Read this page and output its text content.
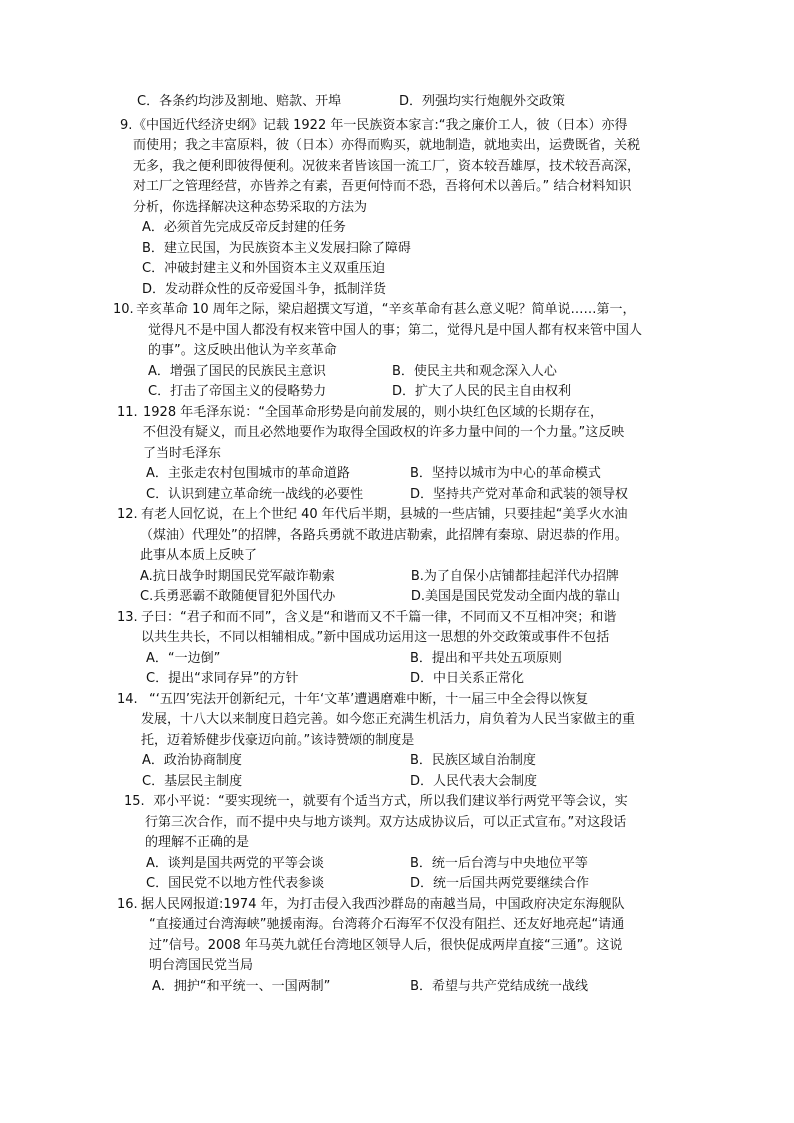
C．各条约均涉及割地、赔款、开埠	D．列强均实行炮舰外交政策
9. 《中国近代经济史纲》记载 1922 年一民族资本家言:“我之廉价工人，彼（日本）亦得
而使用；我之丰富原料，彼（日本）亦得而购买，就地制造，就地卖出，运费既省，关税
无多，我之便利即彼得便利。况彼来者皆该国一流工厂，资本较吾雄厚，技术较吾高深，
对工厂之管理经营，亦皆养之有素，吾更何恃而不恐，吾将何术以善后。” 结合材料知识
分析，你选择解决这种态势采取的方法为
A．必须首先完成反帝反封建的任务
B．建立民国，为民族资本主义发展扫除了障碍
C．冲破封建主义和外国资本主义双重压迫
D．发动群众性的反帝爱国斗争，抵制洋货
10. 辛亥革命 10 周年之际，梁启超撰文写道，“辛亥革命有甚么意义呢？简单说……第一，
觉得凡不是中国人都没有权来管中国人的事；第二，觉得凡是中国人都有权来管中国人
的事”。这反映出他认为辛亥革命
A．增强了国民的民族民主意识	B．使民主共和观念深入人心
C．打击了帝国主义的侵略势力	D．扩大了人民的民主自由权利
11. 1928 年毛泽东说：“全国革命形势是向前发展的，则小块红色区域的长期存在，
不但没有疑义，而且必然地要作为取得全国政权的许多力量中间的一个力量。”这反映
了当时毛泽东
A．主张走农村包围城市的革命道路	B．坚持以城市为中心的革命模式
C．认识到建立革命统一战线的必要性	D．坚持共产党对革命和武装的领导权
12. 有老人回忆说，在上个世纪 40 年代后半期，县城的一些店铺，只要挂起“美孚火水油
（煤油）代理处”的招牌，各路兵勇就不敢进店勒索，此招牌有秦琼、尉迟恭的作用。
此事从本质上反映了
A.抗日战争时期国民党军敲诈勒索	B.为了自保小店铺都挂起洋代办招牌
C.兵勇恶霸不敢随便冒犯外国代办	D.美国是国民党发动全面内战的靠山
13. 子曰：“君子和而不同”，含义是“和谐而又不千篇一律，不同而又不互相冲突；和谐
以共生共长，不同以相辅相成。”新中国成功运用这一思想的外交政策或事件不包括
A．“一边倒”	B．提出和平共处五项原则
C．提出“求同存异”的方针	D．中日关系正常化
14. “‘五四’宪法开创新纪元，十年‘文革’遭遇磨难中断，十一届三中全会得以恢复
发展，十八大以来制度日趋完善。如今您正充满生机活力，肩负着为人民当家做主的重
托，迈着矫健步伐豪迈向前。”该诗赞颂的制度是
A．政治协商制度	B．民族区域自治制度
C．基层民主制度	D．人民代表大会制度
15. 邓小平说：“要实现统一，就要有个适当方式，所以我们建议举行两党平等会议，实
行第三次合作，而不提中央与地方谈判。双方达成协议后，可以正式宣布。”对这段话
的理解不正确的是
A．谈判是国共两党的平等会谈	B．统一后台湾与中央地位平等
C．国民党不以地方性代表参谈	D．统一后国共两党要继续合作
16. 据人民网报道:1974 年，为打击侵入我西沙群岛的南越当局，中国政府决定东海舰队
“直接通过台湾海峡”驰援南海。台湾蒋介石海军不仅没有阻拦、还友好地亮起“请通
过”信号。2008 年马英九就任台湾地区领导人后，很快促成两岸直接“三通”。这说
明台湾国民党当局
A．拥护“和平统一、一国两制”	B．希望与共产党结成统一战线
